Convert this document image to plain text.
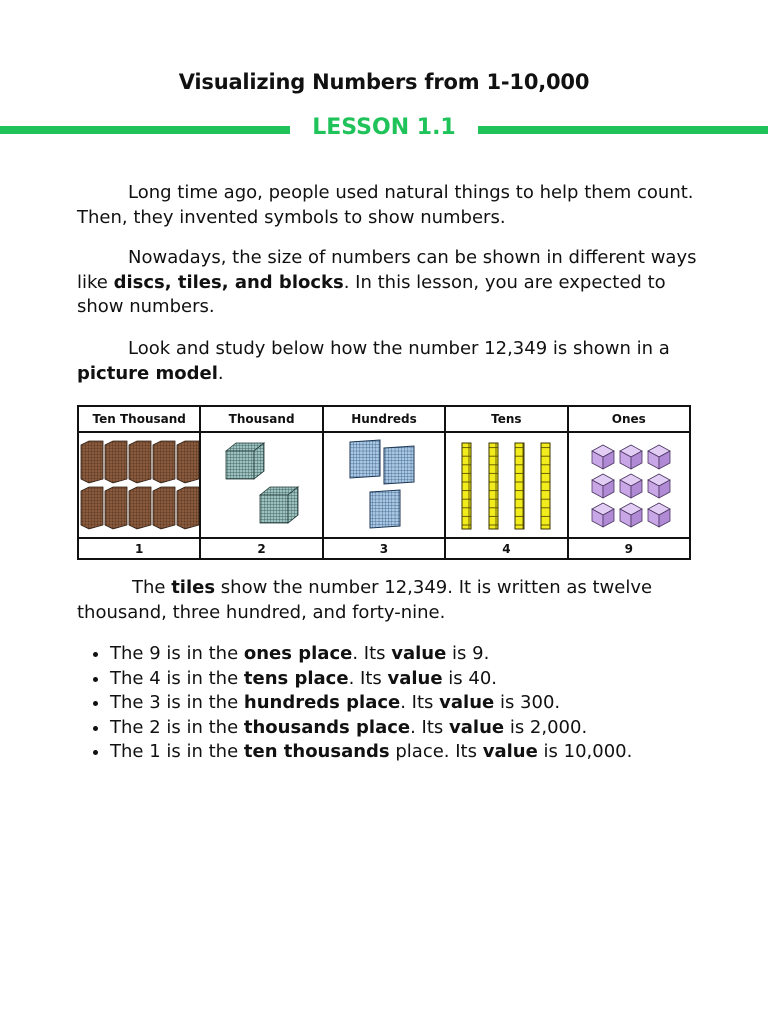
Visualizing Numbers from 1-10,000
LESSON 1.1

Long time ago, people used natural things to help them count. Then, they invented symbols to show numbers.

Nowadays, the size of numbers can be shown in different ways like discs, tiles, and blocks. In this lesson, you are expected to show numbers.

Look and study below how the number 12,349 is shown in a picture model.

Ten Thousand	Thousand	Hundreds	Tens	Ones

1	2	3	4	9

The tiles show the number 12,349. It is written as twelve thousand, three hundred, and forty-nine.

• The 9 is in the ones place. Its value is 9.
• The 4 is in the tens place. Its value is 40.
• The 3 is in the hundreds place. Its value is 300.
• The 2 is in the thousands place. Its value is 2,000.
• The 1 is in the ten thousands place. Its value is 10,000.
